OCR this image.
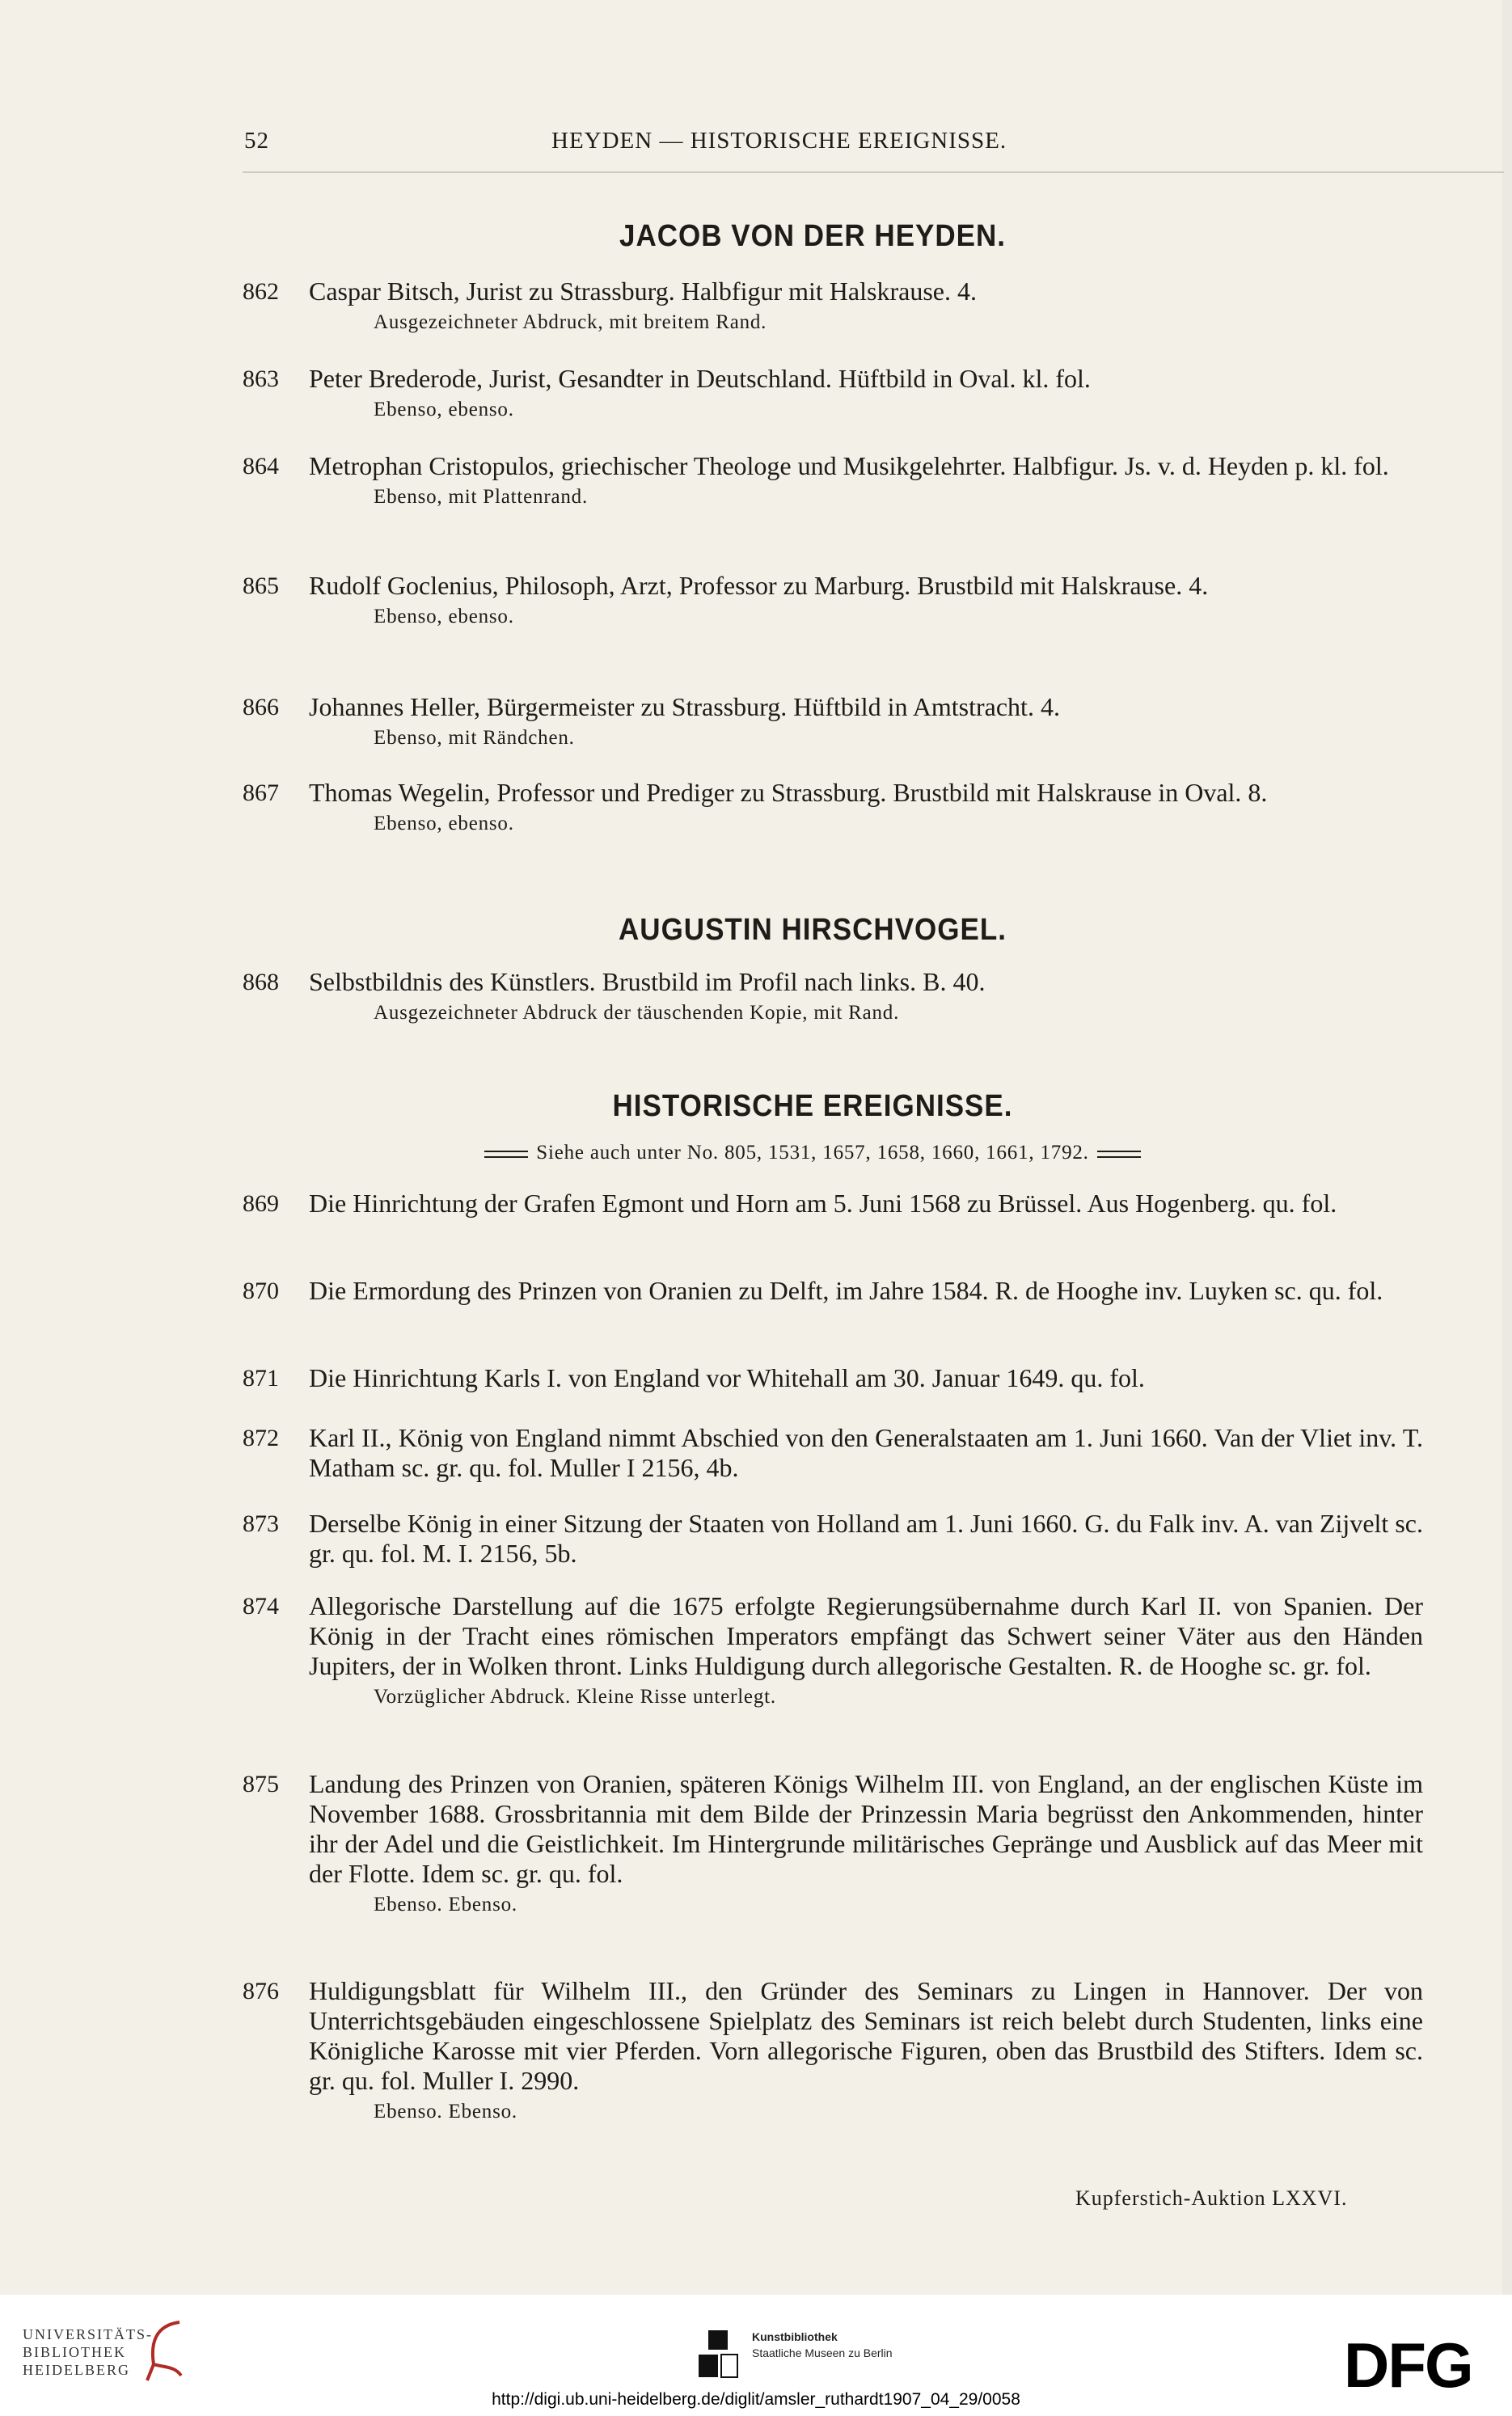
52	HEYDEN — HISTORISCHE EREIGNISSE.
JACOB VON DER HEYDEN.
862	Caspar Bitsch, Jurist zu Strassburg. Halbfigur mit Halskrause. 4.
Ausgezeichneter Abdruck, mit breitem Rand.
863	Peter Brederode, Jurist, Gesandter in Deutschland. Hüftbild in Oval. kl. fol.
Ebenso, ebenso.
864	Metrophan Cristopulos, griechischer Theologe und Musikgelehrter. Halbfigur. Js. v. d. Heyden p. kl. fol.
Ebenso, mit Plattenrand.
865	Rudolf Goclenius, Philosoph, Arzt, Professor zu Marburg. Brustbild mit Halskrause. 4.
Ebenso, ebenso.
866	Johannes Heller, Bürgermeister zu Strassburg. Hüftbild in Amtstracht. 4.
Ebenso, mit Rändchen.
867	Thomas Wegelin, Professor und Prediger zu Strassburg. Brustbild mit Halskrause in Oval. 8.
Ebenso, ebenso.
AUGUSTIN HIRSCHVOGEL.
868	Selbstbildnis des Künstlers. Brustbild im Profil nach links. B. 40.
Ausgezeichneter Abdruck der täuschenden Kopie, mit Rand.
HISTORISCHE EREIGNISSE.
Siehe auch unter No. 805, 1531, 1657, 1658, 1660, 1661, 1792.
869	Die Hinrichtung der Grafen Egmont und Horn am 5. Juni 1568 zu Brüssel. Aus Hogenberg. qu. fol.
870	Die Ermordung des Prinzen von Oranien zu Delft, im Jahre 1584. R. de Hooghe inv. Luyken sc. qu. fol.
871	Die Hinrichtung Karls I. von England vor Whitehall am 30. Januar 1649. qu. fol.
872	Karl II., König von England nimmt Abschied von den Generalstaaten am 1. Juni 1660. Van der Vliet inv. T. Matham sc. gr. qu. fol. Muller I 2156, 4b.
873	Derselbe König in einer Sitzung der Staaten von Holland am 1. Juni 1660. G. du Falk inv. A. van Zijvelt sc. gr. qu. fol. M. I. 2156, 5b.
874	Allegorische Darstellung auf die 1675 erfolgte Regierungsübernahme durch Karl II. von Spanien. Der König in der Tracht eines römischen Imperators empfängt das Schwert seiner Väter aus den Händen Jupiters, der in Wolken thront. Links Huldigung durch allegorische Gestalten. R. de Hooghe sc. gr. fol.
Vorzüglicher Abdruck. Kleine Risse unterlegt.
875	Landung des Prinzen von Oranien, späteren Königs Wilhelm III. von England, an der englischen Küste im November 1688. Grossbritannia mit dem Bilde der Prinzessin Maria begrüsst den Ankommenden, hinter ihr der Adel und die Geistlichkeit. Im Hintergrunde militärisches Gepränge und Ausblick auf das Meer mit der Flotte. Idem sc. gr. qu. fol.
Ebenso. Ebenso.
876	Huldigungsblatt für Wilhelm III., den Gründer des Seminars zu Lingen in Hannover. Der von Unterrichtsgebäuden eingeschlossene Spielplatz des Seminars ist reich belebt durch Studenten, links eine Königliche Karosse mit vier Pferden. Vorn allegorische Figuren, oben das Brustbild des Stifters. Idem sc. gr. qu. fol. Muller I. 2990.
Ebenso. Ebenso.
Kupferstich-Auktion LXXVI.
UNIVERSITÄTS-
BIBLIOTHEK
HEIDELBERG
Kunstbibliothek
Staatliche Museen zu Berlin	DFG
http://digi.ub.uni-heidelberg.de/diglit/amsler_ruthardt1907_04_29/0058
